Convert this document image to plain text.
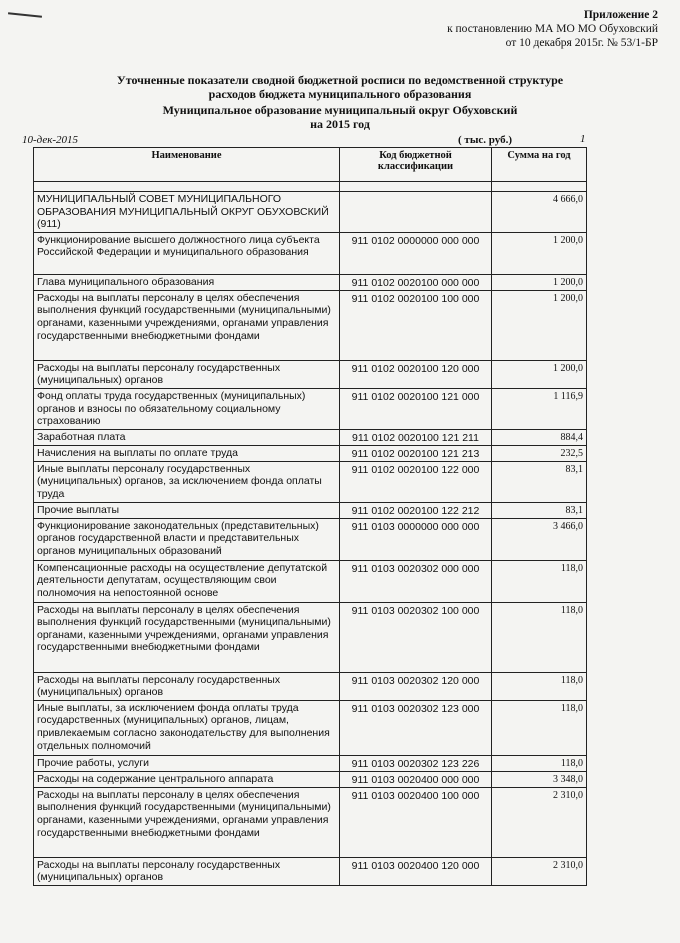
Приложение 2
к постановлению МА МО МО Обуховский
от 10 декабря 2015г. № 53/1-БР
Уточненные показатели сводной бюджетной росписи по ведомственной структуре
расходов бюджета муниципального образования
Муниципальное образование муниципальный округ Обуховский
на 2015 год
10-дек-2015	( тыс. руб.)	1
Наименование	Код бюджетной классификации	Сумма на год

МУНИЦИПАЛЬНЫЙ СОВЕТ МУНИЦИПАЛЬНОГО ОБРАЗОВАНИЯ МУНИЦИПАЛЬНЫЙ ОКРУГ ОБУХОВСКИЙ (911)		4 666,0
Функционирование высшего должностного лица субъекта Российской Федерации и муниципального образования	911 0102 0000000 000 000	1 200,0
Глава муниципального образования	911 0102 0020100 000 000	1 200,0
Расходы на выплаты персоналу в целях обеспечения выполнения функций государственными (муниципальными) органами, казенными учреждениями, органами управления государственными внебюджетными фондами	911 0102 0020100 100 000	1 200,0
Расходы на выплаты персоналу государственных (муниципальных) органов	911 0102 0020100 120 000	1 200,0
Фонд оплаты труда государственных (муниципальных) органов и взносы по обязательному социальному страхованию	911 0102 0020100 121 000	1 116,9
Заработная плата	911 0102 0020100 121 211	884,4
Начисления на выплаты по оплате труда	911 0102 0020100 121 213	232,5
Иные выплаты персоналу государственных (муниципальных) органов, за исключением фонда оплаты труда	911 0102 0020100 122 000	83,1
Прочие выплаты	911 0102 0020100 122 212	83,1
Функционирование законодательных (представительных) органов государственной власти и представительных органов муниципальных образований	911 0103 0000000 000 000	3 466,0
Компенсационные расходы на осуществление депутатской деятельности депутатам, осуществляющим свои полномочия на непостоянной основе	911 0103 0020302 000 000	118,0
Расходы на выплаты персоналу в целях обеспечения выполнения функций государственными (муниципальными) органами, казенными учреждениями, органами управления государственными внебюджетными фондами	911 0103 0020302 100 000	118,0
Расходы на выплаты персоналу государственных (муниципальных) органов	911 0103 0020302 120 000	118,0
Иные выплаты, за исключением фонда оплаты труда государственных (муниципальных) органов, лицам, привлекаемым согласно законодательству для выполнения отдельных полномочий	911 0103 0020302 123 000	118,0
Прочие работы, услуги	911 0103 0020302 123 226	118,0
Расходы на содержание центрального аппарата	911 0103 0020400 000 000	3 348,0
Расходы на выплаты персоналу в целях обеспечения выполнения функций государственными (муниципальными) органами, казенными учреждениями, органами управления государственными внебюджетными фондами	911 0103 0020400 100 000	2 310,0
Расходы на выплаты персоналу государственных (муниципальных) органов	911 0103 0020400 120 000	2 310,0
